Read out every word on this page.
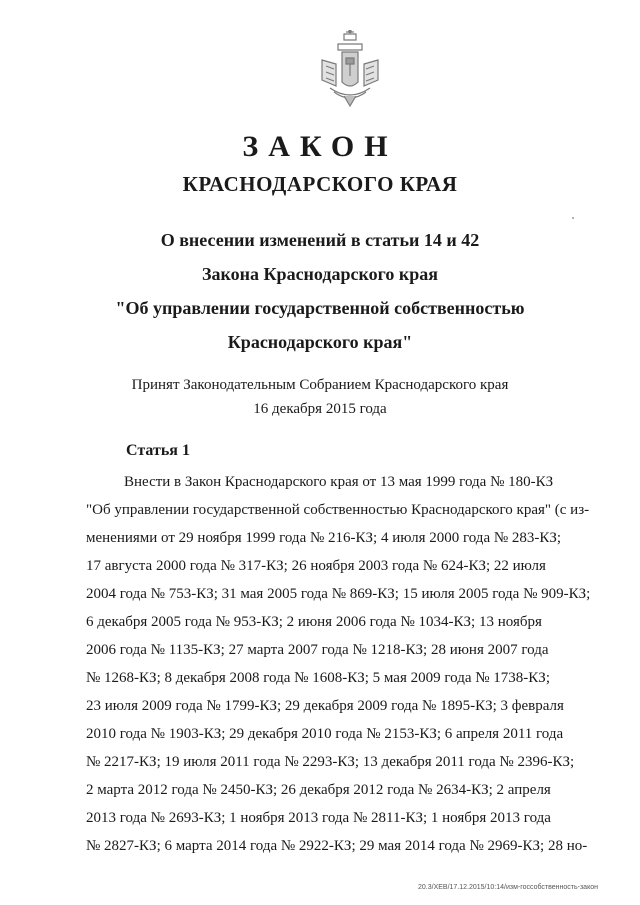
ЗАКОН
КРАСНОДАРСКОГО КРАЯ
О внесении изменений в статьи 14 и 42
Закона Краснодарского края
"Об управлении государственной собственностью
Краснодарского края"
Принят Законодательным Собранием Краснодарского края
16 декабря 2015 года
Статья 1
Внести в Закон Краснодарского края от 13 мая 1999 года № 180-КЗ
"Об управлении государственной собственностью Краснодарского края" (с из-
менениями от 29 ноября 1999 года № 216-КЗ; 4 июля 2000 года № 283-КЗ;
17 августа 2000 года № 317-КЗ; 26 ноября 2003 года № 624-КЗ; 22 июля
2004 года № 753-КЗ; 31 мая 2005 года № 869-КЗ; 15 июля 2005 года № 909-КЗ;
6 декабря 2005 года № 953-КЗ; 2 июня 2006 года № 1034-КЗ; 13 ноября
2006 года № 1135-КЗ; 27 марта 2007 года № 1218-КЗ; 28 июня 2007 года
№ 1268-КЗ; 8 декабря 2008 года № 1608-КЗ; 5 мая 2009 года № 1738-КЗ;
23 июля 2009 года № 1799-КЗ; 29 декабря 2009 года № 1895-КЗ; 3 февраля
2010 года № 1903-КЗ; 29 декабря 2010 года № 2153-КЗ; 6 апреля 2011 года
№ 2217-КЗ; 19 июля 2011 года № 2293-КЗ; 13 декабря 2011 года № 2396-КЗ;
2 марта 2012 года № 2450-КЗ; 26 декабря 2012 года № 2634-КЗ; 2 апреля
2013 года № 2693-КЗ; 1 ноября 2013 года № 2811-КЗ; 1 ноября 2013 года
№ 2827-КЗ; 6 марта 2014 года № 2922-КЗ; 29 мая 2014 года № 2969-КЗ; 28 но-
20.3/ХЕВ/17.12.2015/10:14/изм-госсобственность-закон
